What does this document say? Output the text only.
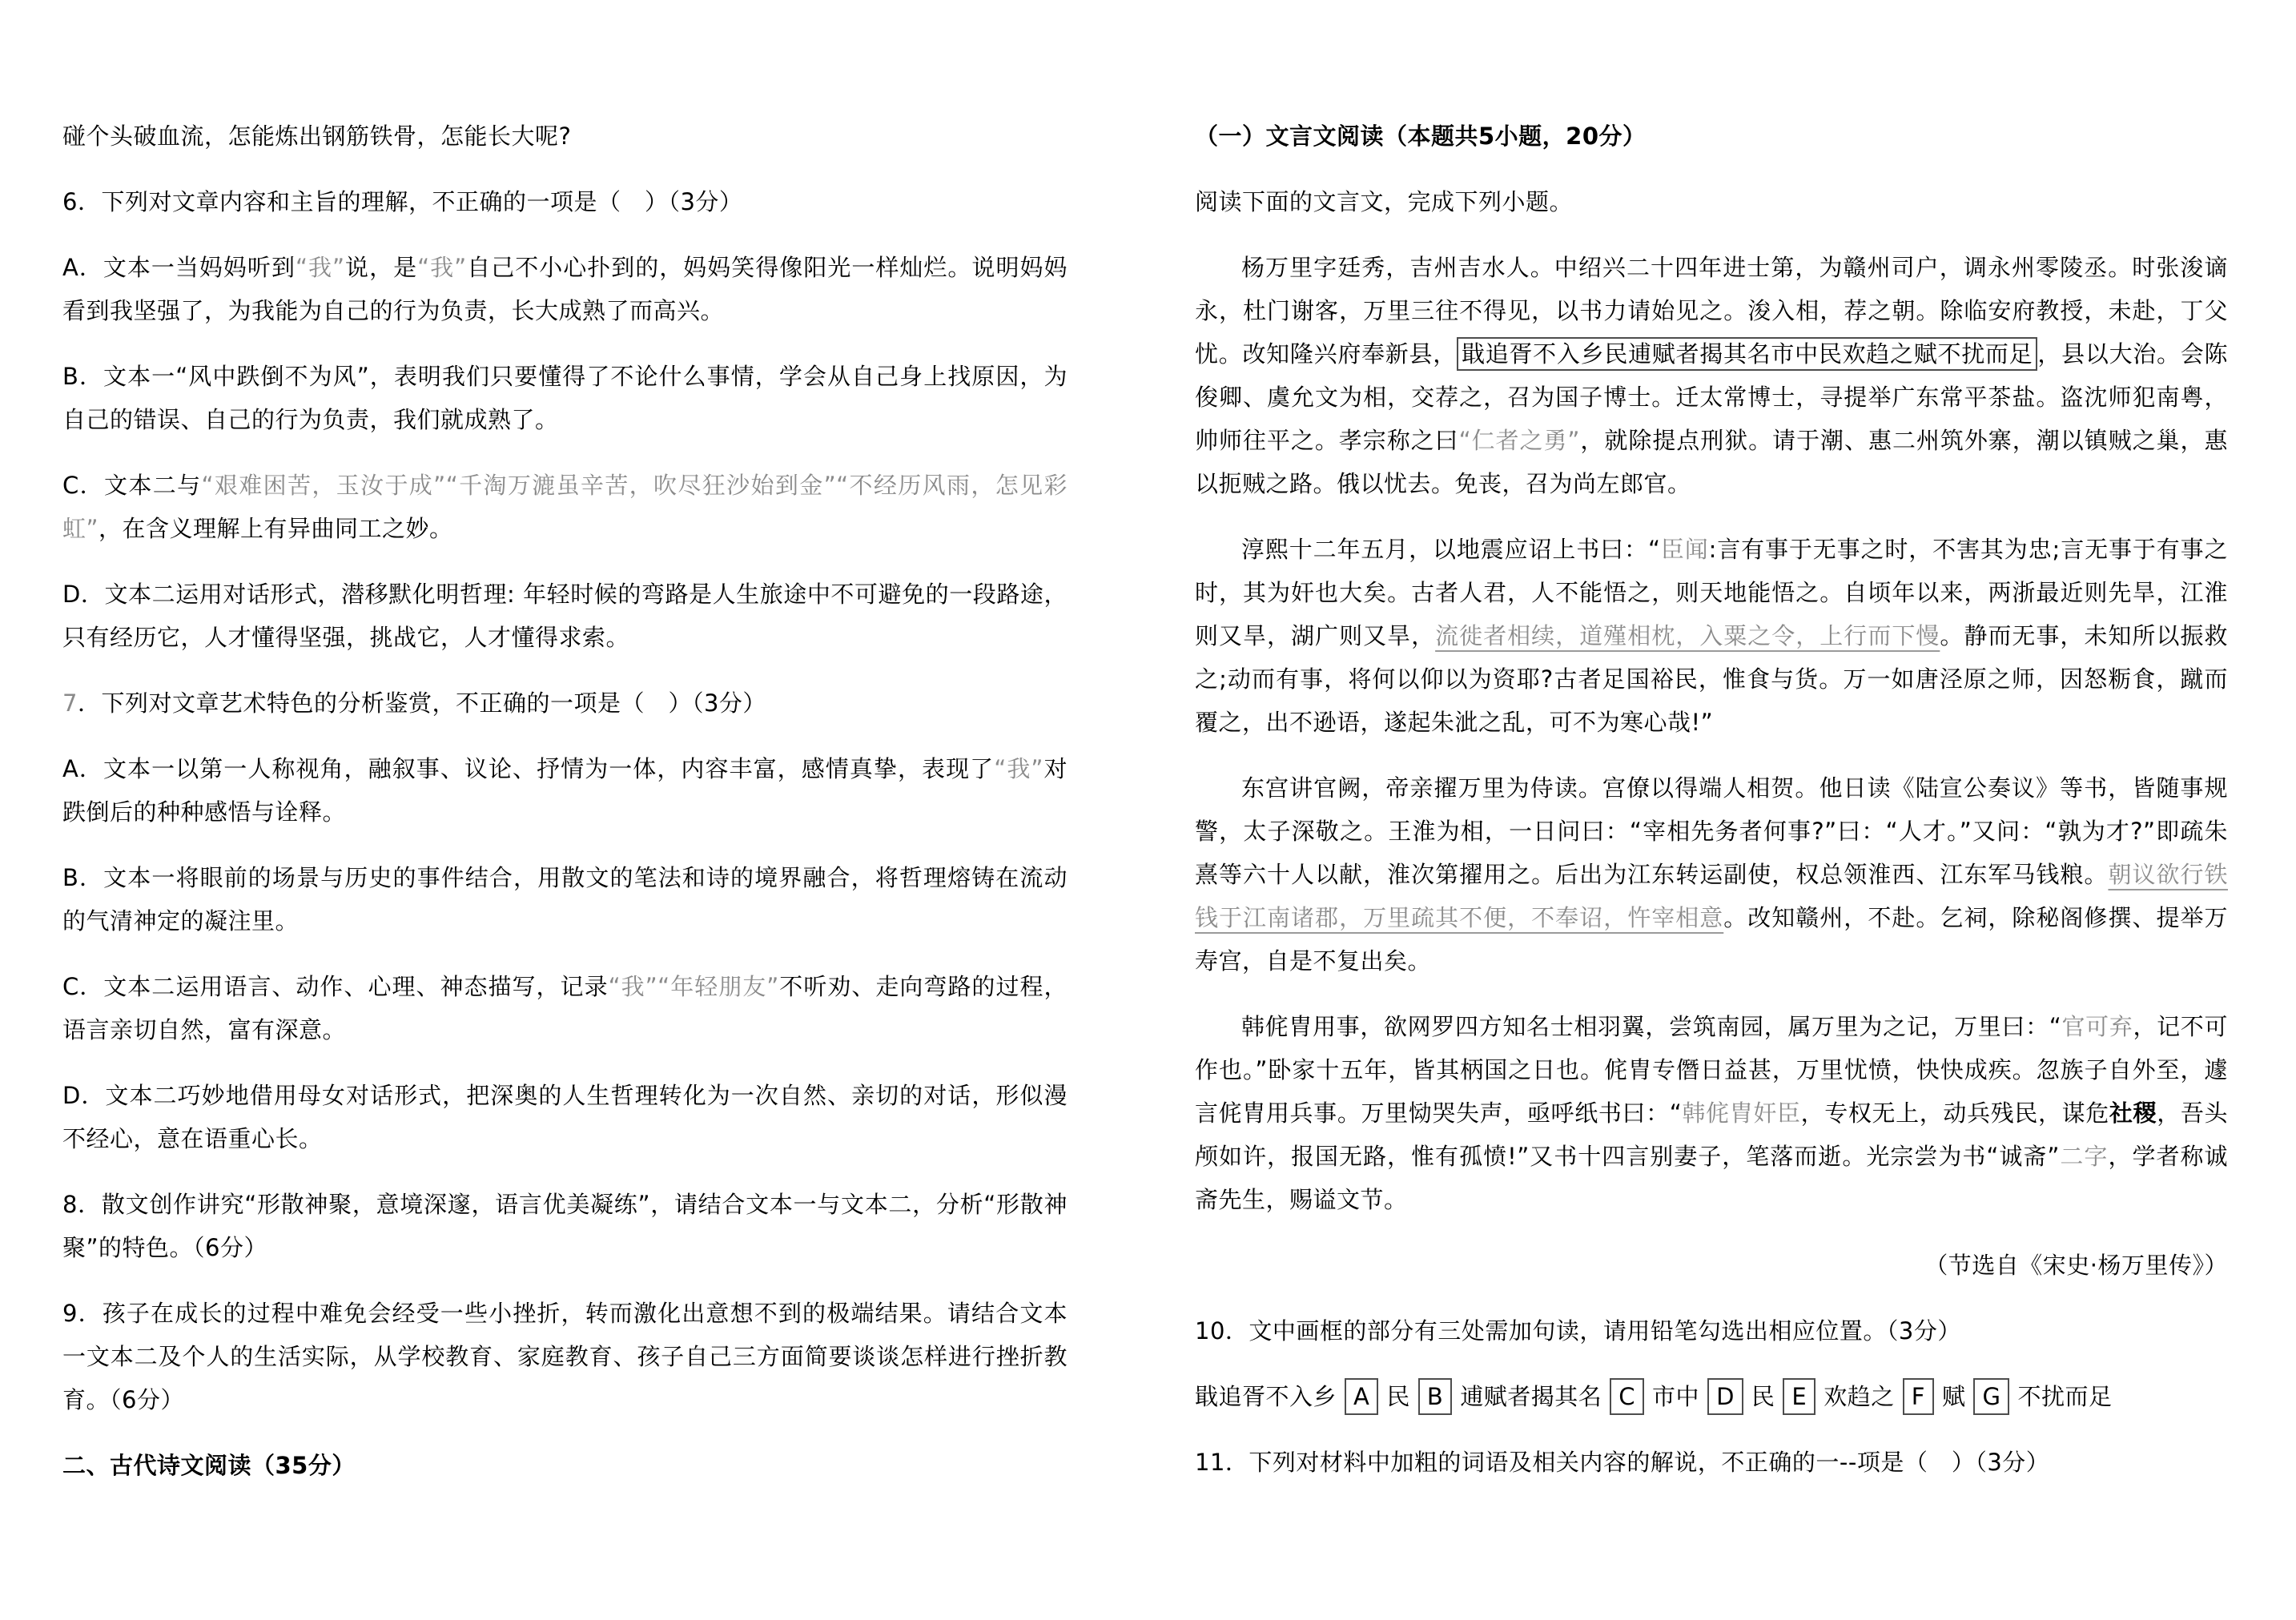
碰个头破血流，怎能炼出钢筋铁骨，怎能长大呢?

6．下列对文章内容和主旨的理解，不正确的一项是（　）（3分）

A．文本一当妈妈听到“我”说，是“我”自己不小心扑到的，妈妈笑得像阳光一样灿烂。说明妈妈看到我坚强了，为我能为自己的行为负责，长大成熟了而高兴。

B．文本一“风中跌倒不为风”，表明我们只要懂得了不论什么事情，学会从自己身上找原因，为自己的错误、自己的行为负责，我们就成熟了。

C．文本二与“艰难困苦，玉汝于成”“千淘万漉虽辛苦，吹尽狂沙始到金”“不经历风雨，怎见彩虹”，在含义理解上有异曲同工之妙。

D．文本二运用对话形式，潜移默化明哲理: 年轻时候的弯路是人生旅途中不可避免的一段路途，只有经历它，人才懂得坚强，挑战它，人才懂得求索。

7．下列对文章艺术特色的分析鉴赏，不正确的一项是（　）（3分）

A．文本一以第一人称视角，融叙事、议论、抒情为一体，内容丰富，感情真挚，表现了“我”对跌倒后的种种感悟与诠释。

B．文本一将眼前的场景与历史的事件结合，用散文的笔法和诗的境界融合，将哲理熔铸在流动的气清神定的凝注里。

C．文本二运用语言、动作、心理、神态描写，记录“我”“年轻朋友”不听劝、走向弯路的过程，语言亲切自然，富有深意。

D．文本二巧妙地借用母女对话形式，把深奥的人生哲理转化为一次自然、亲切的对话，形似漫不经心，意在语重心长。

8．散文创作讲究“形散神聚，意境深邃，语言优美凝练”，请结合文本一与文本二，分析“形散神聚”的特色。（6分）

9．孩子在成长的过程中难免会经受一些小挫折，转而激化出意想不到的极端结果。请结合文本一文本二及个人的生活实际，从学校教育、家庭教育、孩子自己三方面简要谈谈怎样进行挫折教育。（6分）

二、古代诗文阅读（35分）

（一）文言文阅读（本题共5小题，20分）

阅读下面的文言文，完成下列小题。

杨万里字廷秀，吉州吉水人。中绍兴二十四年进士第，为赣州司户，调永州零陵丞。时张浚谪永，杜门谢客，万里三往不得见，以书力请始见之。浚入相，荐之朝。除临安府教授，未赴，丁父忧。改知隆兴府奉新县， 戢追胥不入乡民逋赋者揭其名市中民欢趋之赋不扰而足 ，县以大治。会陈俊卿、虞允文为相，交荐之，召为国子博士。迁太常博士，寻提举广东常平茶盐。盗沈师犯南粤，帅师往平之。孝宗称之曰“仁者之勇”，就除提点刑狱。请于潮、惠二州筑外寨，潮以镇贼之巢，惠以扼贼之路。俄以忧去。免丧，召为尚左郎官。

淳熙十二年五月，以地震应诏上书曰：“臣闻:言有事于无事之时，不害其为忠;言无事于有事之时，其为奸也大矣。古者人君，人不能悟之，则天地能悟之。自顷年以来，两浙最近则先旱，江淮则又旱，湖广则又旱，流徙者相续，道殣相枕，入粟之令，上行而下慢。静而无事，未知所以振救之;动而有事，将何以仰以为资耶?古者足国裕民，惟食与货。万一如唐泾原之师，因怒粝食，蹴而覆之，出不逊语，遂起朱泚之乱，可不为寒心哉!”

东宫讲官阙，帝亲擢万里为侍读。宫僚以得端人相贺。他日读《陆宣公奏议》等书，皆随事规警，太子深敬之。王淮为相，一日问曰：“宰相先务者何事?”曰：“人才。”又问：“孰为才?”即疏朱熹等六十人以献，淮次第擢用之。后出为江东转运副使，权总领淮西、江东军马钱粮。朝议欲行铁钱于江南诸郡，万里疏其不便，不奉诏，忤宰相意。改知赣州，不赴。乞祠，除秘阁修撰、提举万寿宫，自是不复出矣。

韩侂胄用事，欲网罗四方知名士相羽翼，尝筑南园，属万里为之记，万里曰：“官可弃，记不可作也。”卧家十五年，皆其柄国之日也。侂胄专僭日益甚，万里忧愤，快快成疾。忽族子自外至，遽言侂胄用兵事。万里恸哭失声，亟呼纸书曰：“韩侂胄奸臣，专权无上，动兵残民，谋危社稷，吾头颅如许，报国无路，惟有孤愤!”又书十四言别妻子，笔落而逝。光宗尝为书“诚斋”二字，学者称诚斋先生，赐谥文节。

（节选自《宋史·杨万里传》）

10．文中画框的部分有三处需加句读，请用铅笔勾选出相应位置。（3分）

戢追胥不入乡 A 民 B 逋赋者揭其名 C 市中 D 民 E 欢趋之 F 赋 G 不扰而足

11．下列对材料中加粗的词语及相关内容的解说，不正确的一--项是（　）（3分）
